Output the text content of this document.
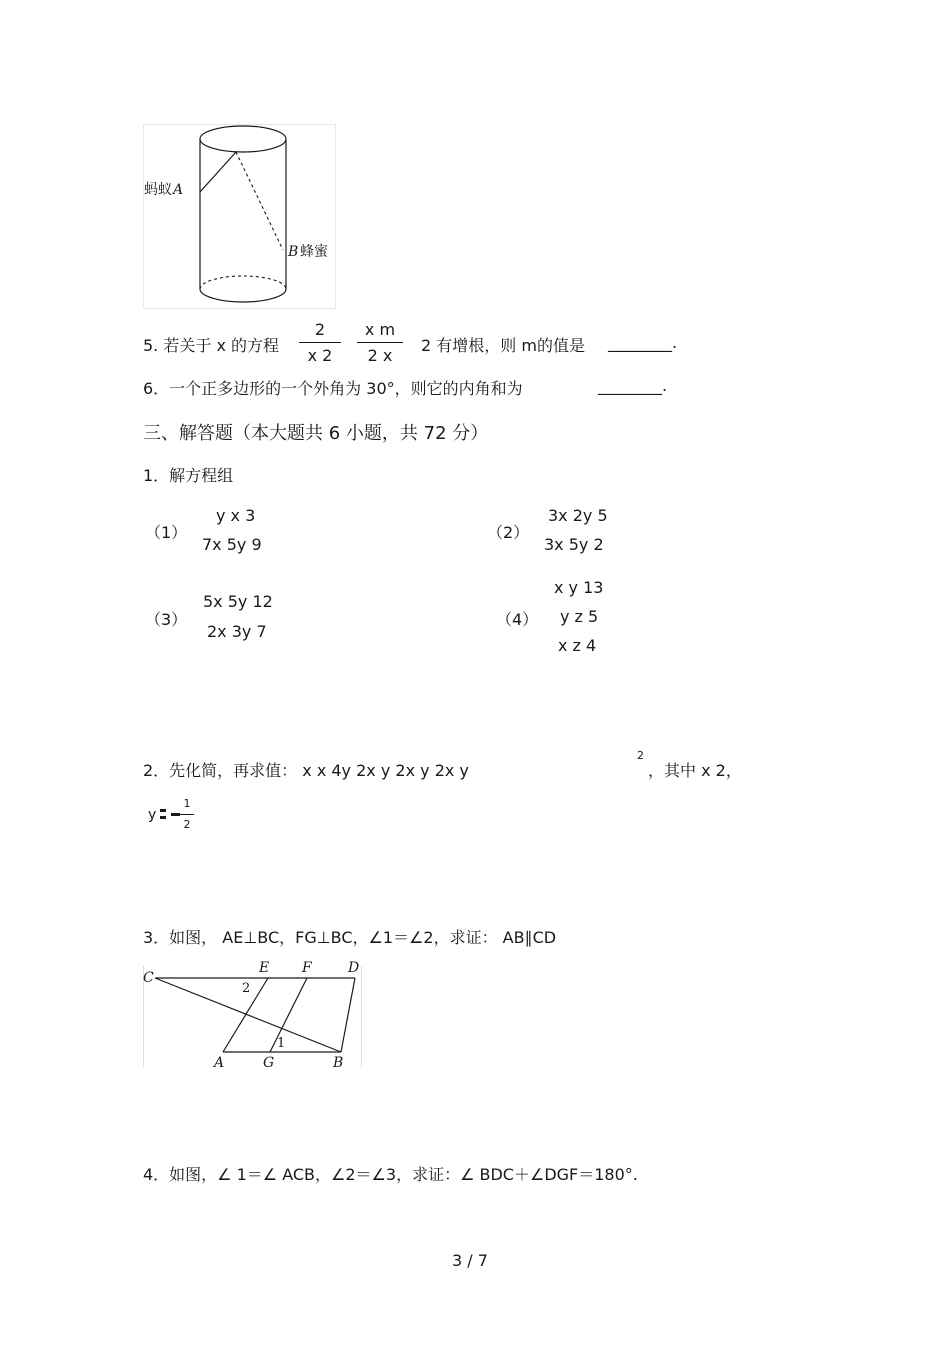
蚂蚁 A
B 蜂蜜
5. 若关于 x 的方程
2
x 2
x m
2 x
2 有增根，则 m的值是 ________.
6．一个正多边形的一个外角为 30°，则它的内角和为	________.
三、解答题（本大题共 6 小题，共 72 分）
1．解方程组
（1）
y x 3
7x 5y 9
（2）
3x 2y 5
3x 5y 2
（3）
5x 5y 12
2x 3y 7
（4）
x y 13
y z 5
x z 4
2．先化简，再求值： x x 4y 2x y 2x y 2x y
2
，其中 x 2，
y
1
2
3．如图， AE⊥BC，FG⊥BC，∠1＝∠2，求证： AB∥CD
C
E F	D
A	G	B
1
2
4．如图，∠ 1＝∠ ACB，∠2＝∠3，求证：∠ BDC＋∠DGF＝180°.
3 / 7
